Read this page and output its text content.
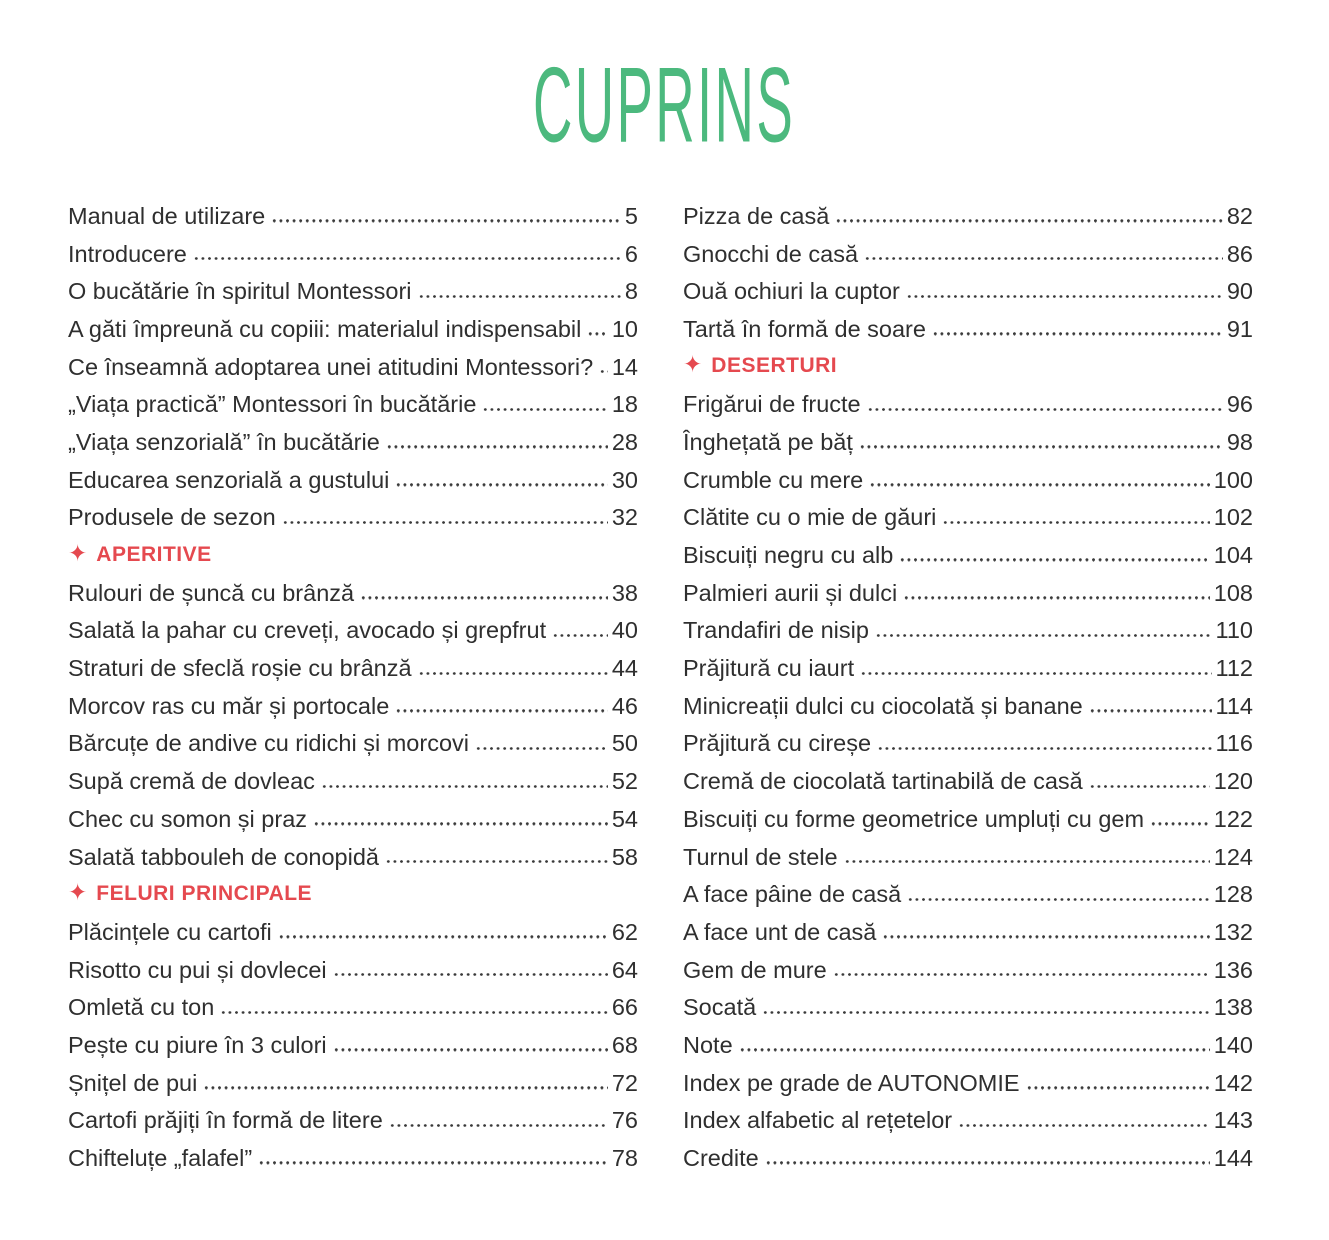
CUPRINS
Manual de utilizare	5
Introducere	6
O bucătărie în spiritul Montessori	8
A găti împreună cu copiii: materialul indispensabil 10
Ce înseamnă adoptarea unei atitudini Montessori? 14
„Viața practică” Montessori în bucătărie	18
„Viața senzorială” în bucătărie	28
Educarea senzorială a gustului	30
Produsele de sezon	32
✦ APERITIVE
Rulouri de șuncă cu brânză	38
Salată la pahar cu creveți, avocado și grepfrut	40
Straturi de sfeclă roșie cu brânză	44
Morcov ras cu măr și portocale	46
Bărcuțe de andive cu ridichi și morcovi	50
Supă cremă de dovleac	52
Chec cu somon și praz	54
Salată tabbouleh de conopidă	58
✦ FELURI PRINCIPALE
Plăcințele cu cartofi	62
Risotto cu pui și dovlecei	64
Omletă cu ton	66
Pește cu piure în 3 culori	68
Șnițel de pui	72
Cartofi prăjiți în formă de litere	76
Chifteluțe „falafel”	78
Pizza de casă	82
Gnocchi de casă	86
Ouă ochiuri la cuptor	90
Tartă în formă de soare	91
✦ DESERTURI
Frigărui de fructe	96
Înghețată pe băț	98
Crumble cu mere	100
Clătite cu o mie de găuri	102
Biscuiți negru cu alb	104
Palmieri aurii și dulci	108
Trandafiri de nisip	110
Prăjitură cu iaurt	112
Minicreații dulci cu ciocolată și banane	114
Prăjitură cu cireșe	116
Cremă de ciocolată tartinabilă de casă	120
Biscuiți cu forme geometrice umpluți cu gem	122
Turnul de stele	124
A face pâine de casă	128
A face unt de casă	132
Gem de mure	136
Socată	138
Note	140
Index pe grade de AUTONOMIE	142
Index alfabetic al rețetelor	143
Credite	144
